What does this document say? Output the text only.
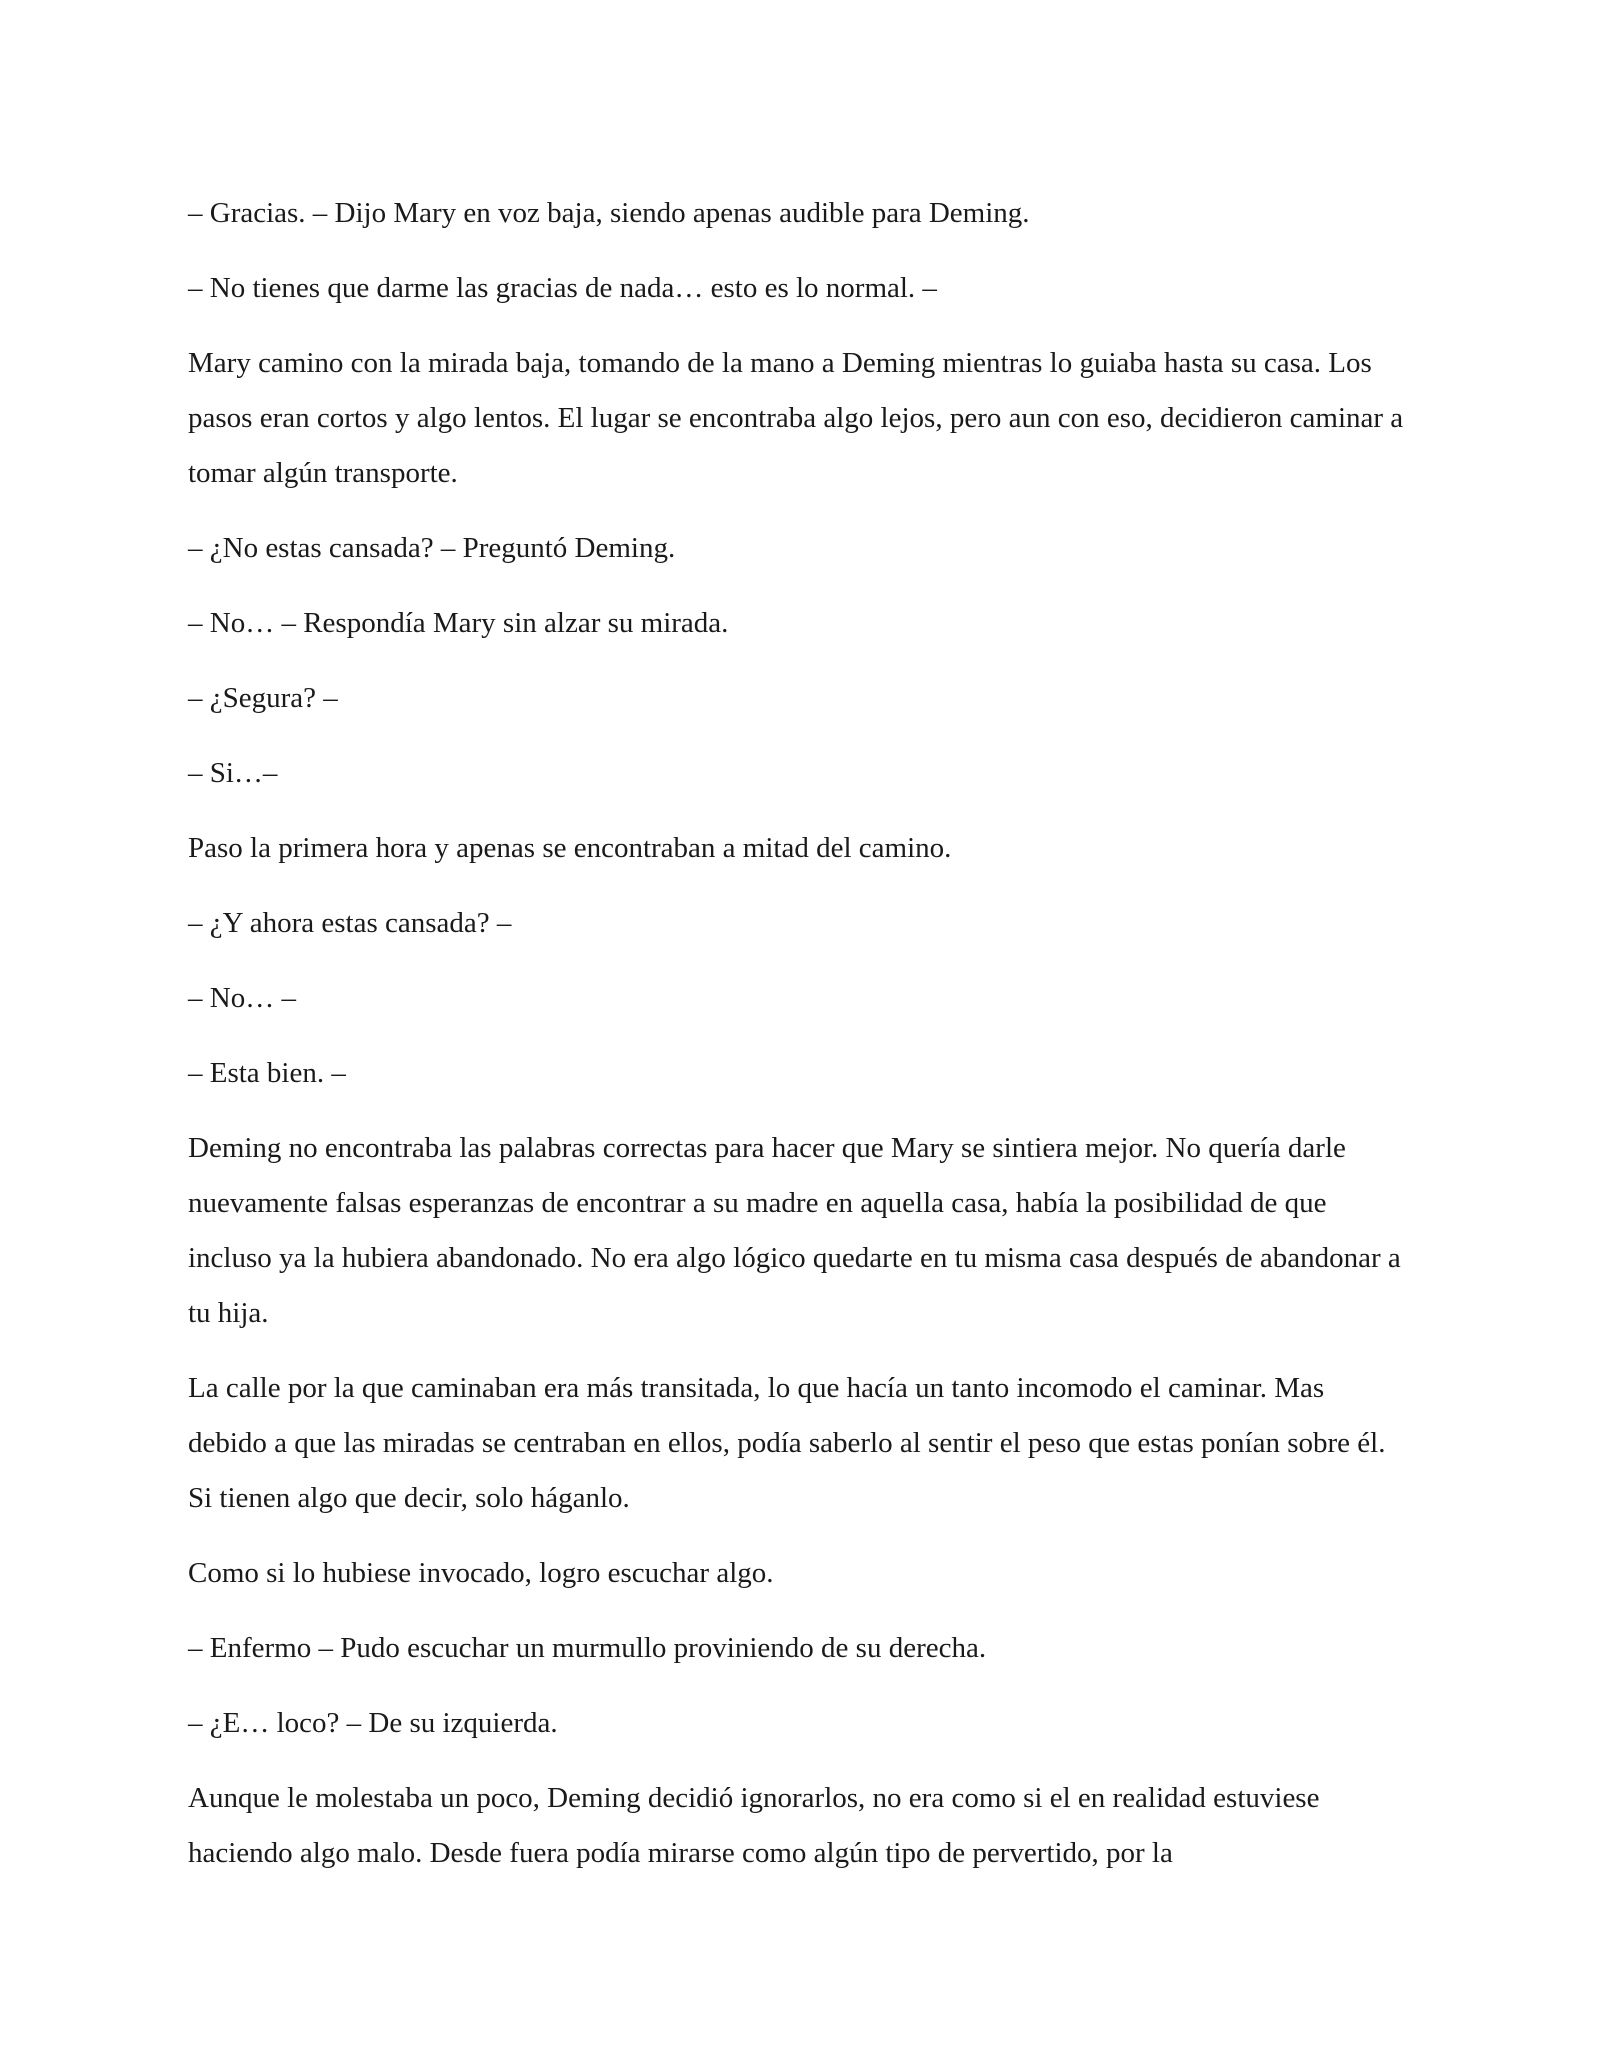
– Gracias. – Dijo Mary en voz baja, siendo apenas audible para Deming.

– No tienes que darme las gracias de nada… esto es lo normal. –

Mary camino con la mirada baja, tomando de la mano a Deming mientras lo guiaba hasta su casa. Los pasos eran cortos y algo lentos. El lugar se encontraba algo lejos, pero aun con eso, decidieron caminar a tomar algún transporte.

– ¿No estas cansada? – Preguntó Deming.

– No… – Respondía Mary sin alzar su mirada.

– ¿Segura? –

– Si…–

Paso la primera hora y apenas se encontraban a mitad del camino.

– ¿Y ahora estas cansada? –

– No… –

– Esta bien. –

Deming no encontraba las palabras correctas para hacer que Mary se sintiera mejor. No quería darle nuevamente falsas esperanzas de encontrar a su madre en aquella casa, había la posibilidad de que incluso ya la hubiera abandonado. No era algo lógico quedarte en tu misma casa después de abandonar a tu hija.

La calle por la que caminaban era más transitada, lo que hacía un tanto incomodo el caminar. Mas debido a que las miradas se centraban en ellos, podía saberlo al sentir el peso que estas ponían sobre él. Si tienen algo que decir, solo háganlo.

Como si lo hubiese invocado, logro escuchar algo.

– Enfermo – Pudo escuchar un murmullo proviniendo de su derecha.

– ¿E… loco? – De su izquierda.

Aunque le molestaba un poco, Deming decidió ignorarlos, no era como si el en realidad estuviese haciendo algo malo. Desde fuera podía mirarse como algún tipo de pervertido, por la
